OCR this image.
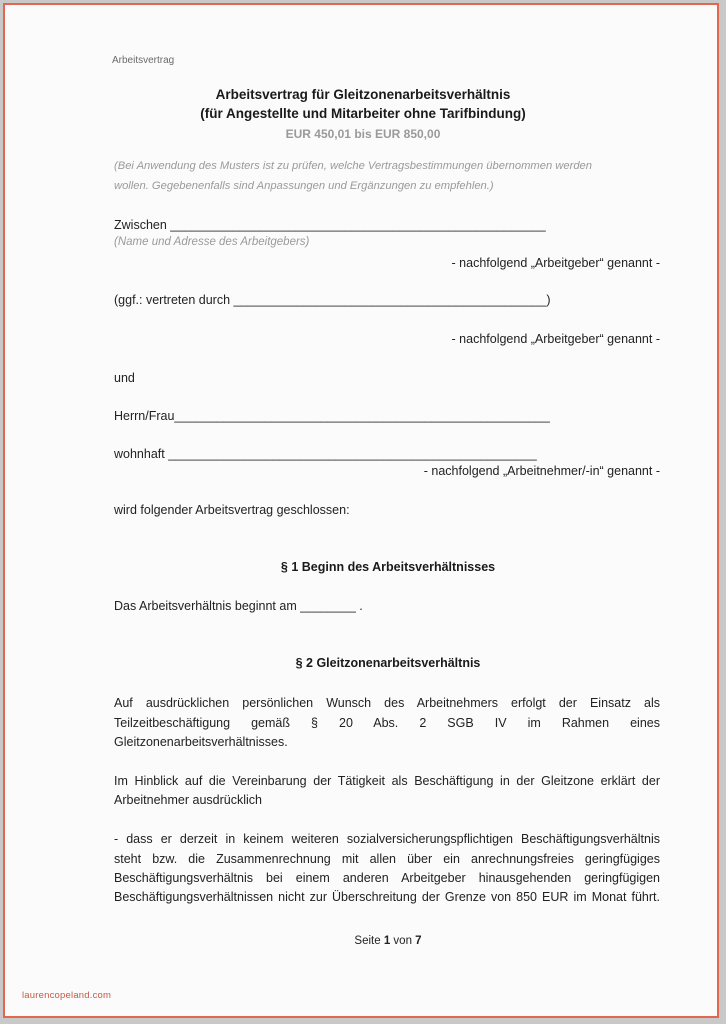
Arbeitsvertrag
Arbeitsvertrag für Gleitzonenarbeitsverhältnis
(für Angestellte und Mitarbeiter ohne Tarifbindung)
EUR 450,01 bis EUR 850,00
(Bei Anwendung des Musters ist zu prüfen, welche Vertragsbestimmungen übernommen werden
wollen. Gegebenenfalls sind Anpassungen und Ergänzungen zu empfehlen.)
Zwischen ______________________________________________________
(Name und Adresse des Arbeitgebers)
- nachfolgend „Arbeitgeber“ genannt -
(ggf.: vertreten durch _____________________________________________)
- nachfolgend „Arbeitgeber“ genannt -
und
Herrn/Frau______________________________________________________
wohnhaft _____________________________________________________
- nachfolgend „Arbeitnehmer/-in“ genannt -
wird folgender Arbeitsvertrag geschlossen:
§ 1 Beginn des Arbeitsverhältnisses
Das Arbeitsverhältnis beginnt am ________ .
§ 2 Gleitzonenarbeitsverhältnis
Auf ausdrücklichen persönlichen Wunsch des Arbeitnehmers erfolgt der Einsatz als
Teilzeitbeschäftigung gemäß § 20 Abs. 2 SGB IV im Rahmen eines
Gleitzonenarbeitsverhältnisses.
Im Hinblick auf die Vereinbarung der Tätigkeit als Beschäftigung in der Gleitzone erklärt der
Arbeitnehmer ausdrücklich
- dass er derzeit in keinem weiteren sozialversicherungspflichtigen Beschäftigungsverhältnis
steht bzw. die Zusammenrechnung mit allen über ein anrechnungsfreies geringfügiges
Beschäftigungsverhältnis bei einem anderen Arbeitgeber hinausgehenden geringfügigen
Beschäftigungsverhältnissen nicht zur Überschreitung der Grenze von 850 EUR im Monat führt.
Seite 1 von 7
laurencopeland.com
